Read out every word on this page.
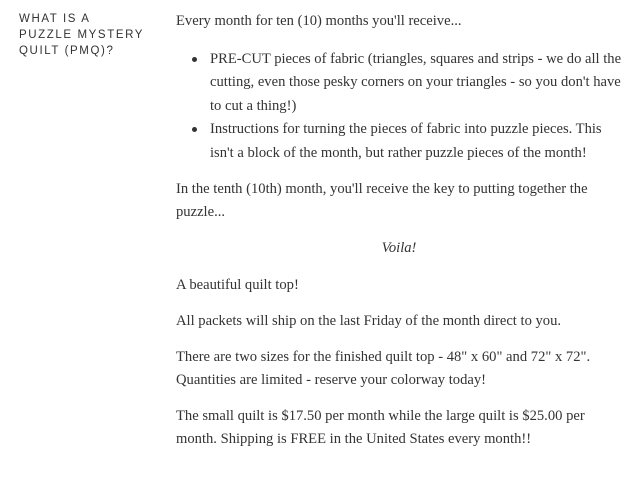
WHAT IS A
PUZZLE MYSTERY
QUILT (PMQ)?

Every month for ten (10) months you'll receive...

PRE-CUT pieces of fabric (triangles, squares and strips - we do all the cutting, even those pesky corners on your triangles - so you don't have to cut a thing!)
Instructions for turning the pieces of fabric into puzzle pieces. This isn't a block of the month, but rather puzzle pieces of the month!

In the tenth (10th) month, you'll receive the key to putting together the puzzle...

Voila!

A beautiful quilt top!

All packets will ship on the last Friday of the month direct to you.

There are two sizes for the finished quilt top - 48" x 60" and 72" x 72". Quantities are limited - reserve your colorway today!

The small quilt is $17.50 per month while the large quilt is $25.00 per month. Shipping is FREE in the United States every month!!
